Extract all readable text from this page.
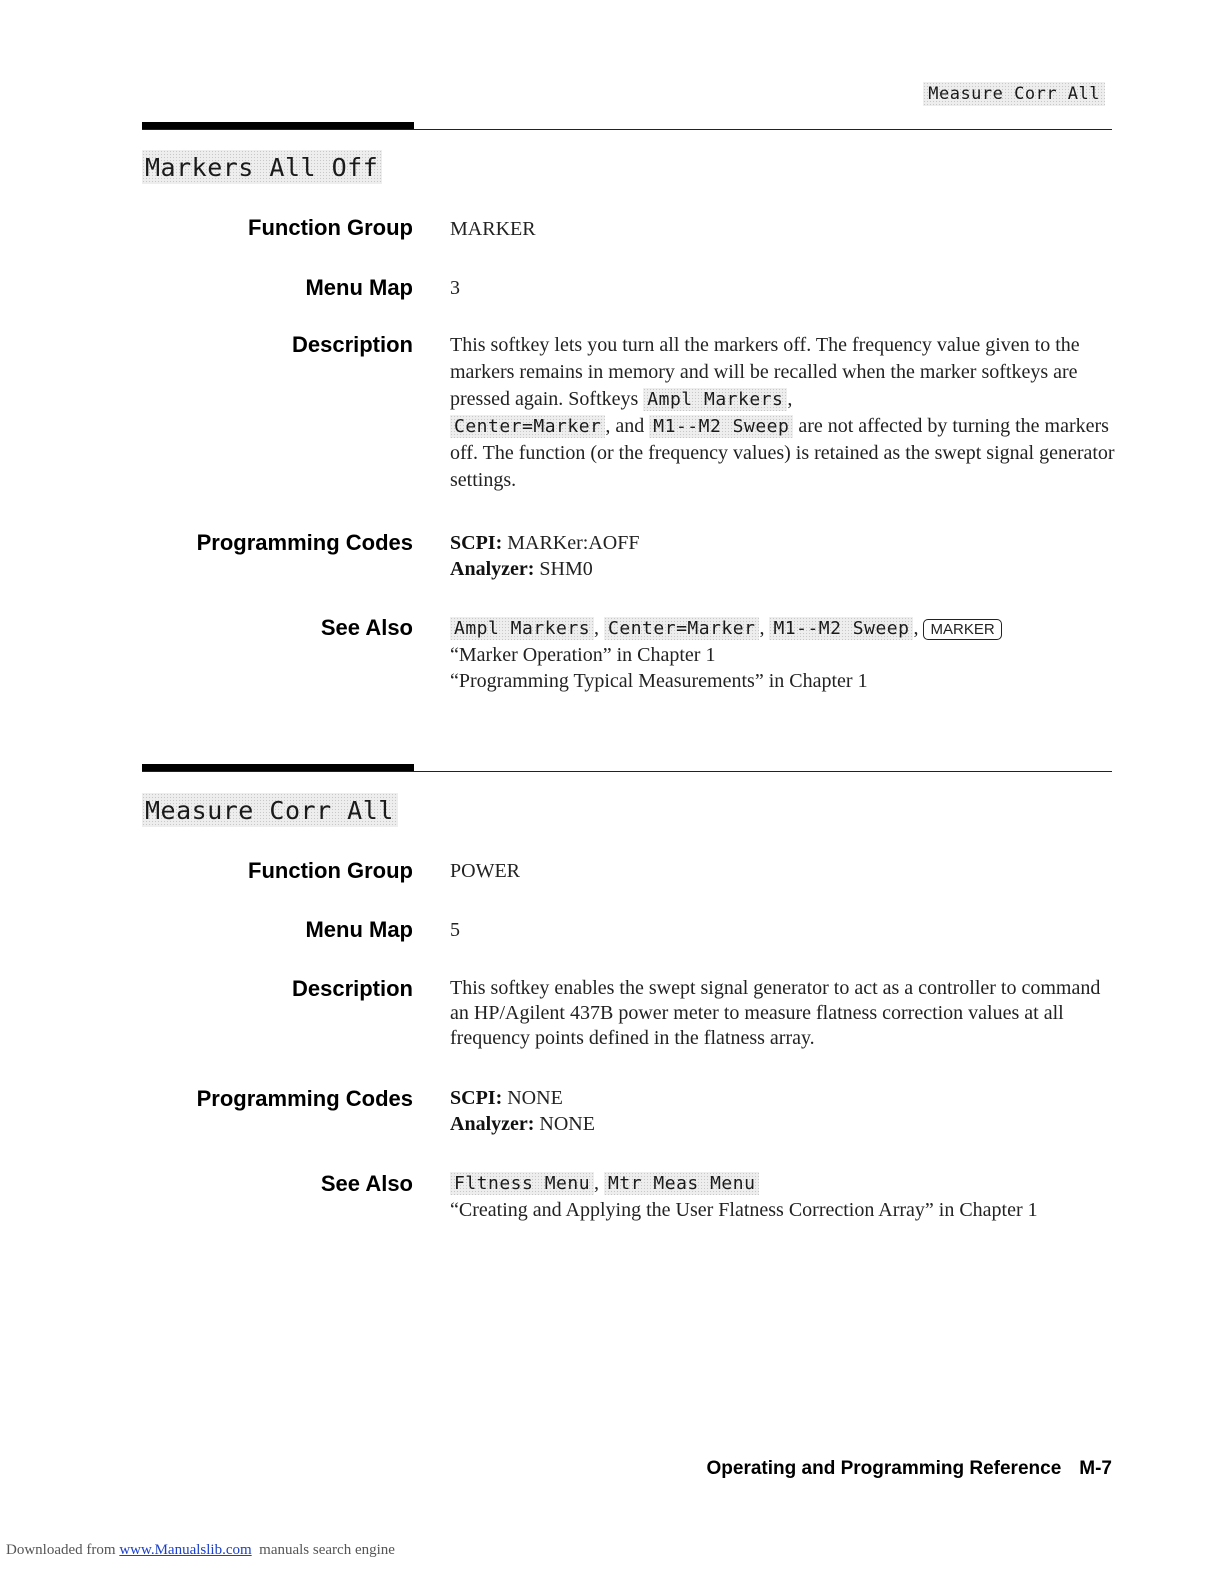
Measure Corr All
Markers All Off
Function Group MARKER
Menu Map 3
Description This softkey lets you turn all the markers off. The frequency value given to the markers remains in memory and will be recalled when the marker softkeys are pressed again. Softkeys Ampl Markers ,
Center=Marker , and M1--M2 Sweep are not affected by turning the markers off. The function (or the frequency values) is retained as the swept signal generator settings.
Programming Codes SCPI: MARKer:AOFF
Analyzer: SHM0
See Also Ampl Markers , Center=Marker , M1--M2 Sweep , MARKER
“Marker Operation” in Chapter 1
“Programming Typical Measurements” in Chapter 1
Measure Corr All
Function Group POWER
Menu Map 5
Description This softkey enables the swept signal generator to act as a controller to command an HP/Agilent 437B power meter to measure flatness correction values at all frequency points defined in the flatness array.
Programming Codes SCPI: NONE
Analyzer: NONE
See Also Fltness Menu , Mtr Meas Menu
“Creating and Applying the User Flatness Correction Array” in Chapter 1
Operating and Programming Reference M-7
Downloaded from www.Manualslib.com manuals search engine
